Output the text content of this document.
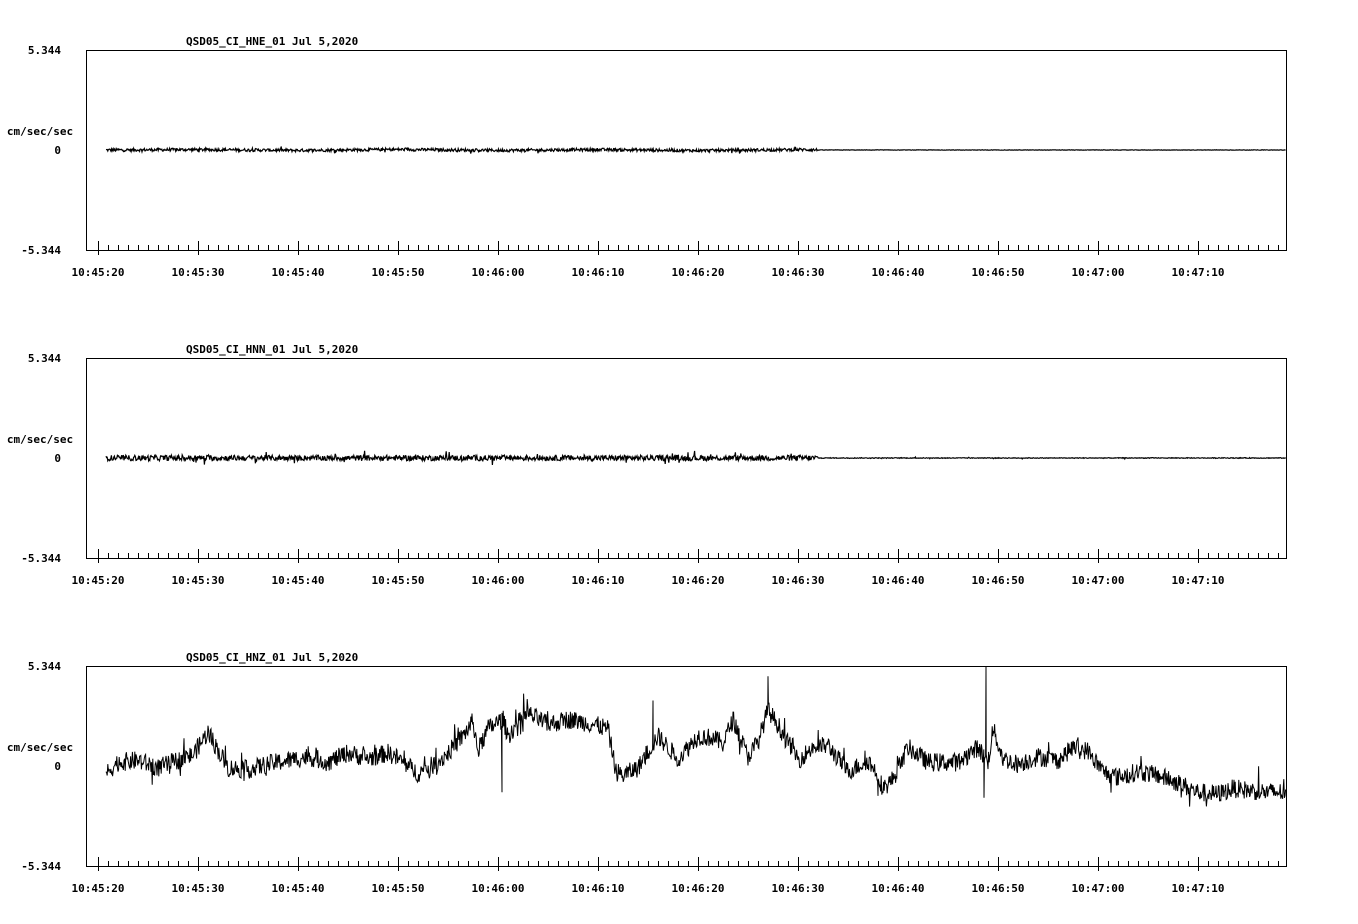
QSD05_CI_HNE_01 Jul 5,2020
5.344
0
-5.344
cm/sec/sec
10:45:20	10:45:30	10:45:40	10:45:50	10:46:00	10:46:10	10:46:20	10:46:30	10:46:40	10:46:50	10:47:00	10:47:10
QSD05_CI_HNN_01 Jul 5,2020
5.344
0
-5.344
cm/sec/sec
10:45:20	10:45:30	10:45:40	10:45:50	10:46:00	10:46:10	10:46:20	10:46:30	10:46:40	10:46:50	10:47:00	10:47:10
QSD05_CI_HNZ_01 Jul 5,2020
5.344
0
-5.344
cm/sec/sec
10:45:20	10:45:30	10:45:40	10:45:50	10:46:00	10:46:10	10:46:20	10:46:30	10:46:40	10:46:50	10:47:00	10:47:10
